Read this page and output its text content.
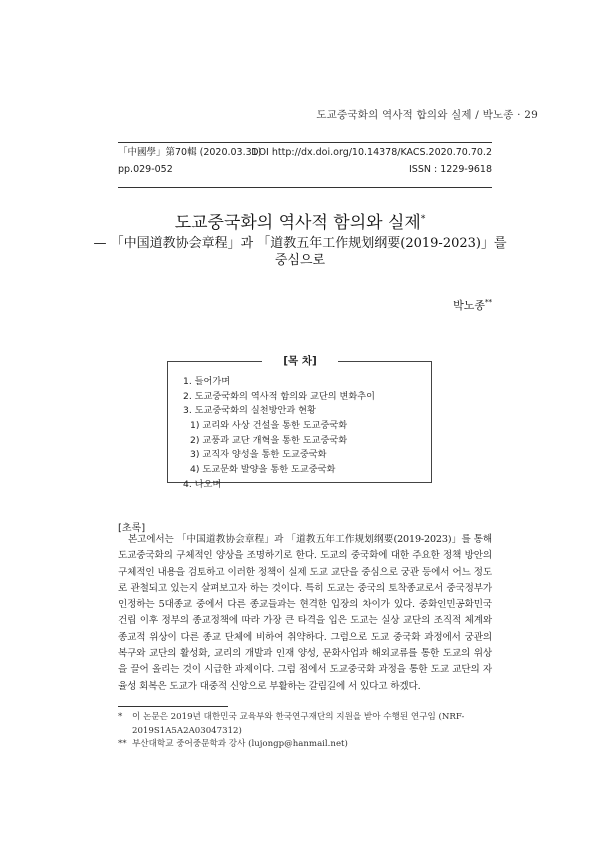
도교중국화의 역사적 합의와 실제 / 박노종 · 29
「中國學」第70輯 (2020.03.31)
DOI http://dx.doi.org/10.14378/KACS.2020.70.70.2
pp.029-052	ISSN : 1229-9618
도교중국화의 역사적 함의와 실제*
— 「中国道教协会章程」과 「道教五年工作规划纲要(2019-2023)」를
중심으로
박노종**
[목 차]
1. 들어가며
2. 도교중국화의 역사적 함의와 교단의 변화추이
3. 도교중국화의 실천방안과 현황
1) 교리와 사상 건설을 통한 도교중국화
2) 교풍과 교단 개혁을 통한 도교중국화
3) 교직자 양성을 통한 도교중국화
4) 도교문화 발양을 통한 도교중국화
4. 나오며
[초록]

본고에서는 「中国道教协会章程」과 「道教五年工作规划纲要(2019-2023)」를 통해 도교중국화의 구체적인 양상을 조명하기로 한다. 도교의 중국화에 대한 주요한 정책 방안의 구체적인 내용을 검토하고 이러한 정책이 실제 도교 교단을 중심으로 궁관 등에서 어느 정도로 관철되고 있는지 살펴보고자 하는 것이다. 특히 도교는 중국의 토착종교로서 중국정부가 인정하는 5대종교 중에서 다른 종교들과는 현격한 입장의 차이가 있다. 중화인민공화민국 건립 이후 정부의 종교정책에 따라 가장 큰 타격을 입은 도교는 실상 교단의 조직적 체계와 종교적 위상이 다른 종교 단체에 비하여 취약하다. 그럼으로 도교 중국화 과정에서 궁관의 복구와 교단의 활성화, 교리의 개발과 인재 양성, 문화사업과 해외교류를 통한 도교의 위상을 끌어 올리는 것이 시급한 과제이다. 그럼 점에서 도교중국화 과정을 통한 도교 교단의 자율성 회복은 도교가 대중적 신앙으로 부활하는 갈림길에 서 있다고 하겠다.

* 이 논문은 2019년 대한민국 교육부와 한국연구재단의 지원을 받아 수행된 연구임 (NRF-2019S1A5A2A03047312)
** 부산대학교 중어중문학과 강사 (lujongp@hanmail.net)
